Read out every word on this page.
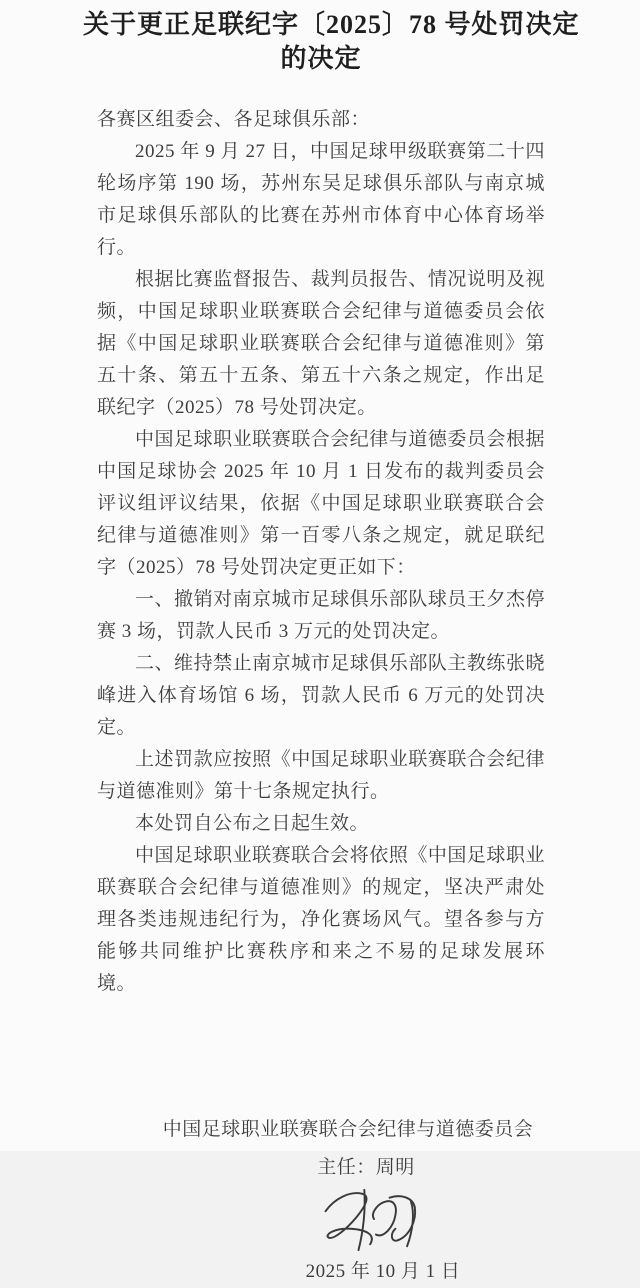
关于更正足联纪字〔2025〕78 号处罚决定
的决定

各赛区组委会、各足球俱乐部：

2025 年 9 月 27 日，中国足球甲级联赛第二十四轮场序第 190 场，苏州东吴足球俱乐部队与南京城市足球俱乐部队的比赛在苏州市体育中心体育场举行。

根据比赛监督报告、裁判员报告、情况说明及视频，中国足球职业联赛联合会纪律与道德委员会依据《中国足球职业联赛联合会纪律与道德准则》第五十条、第五十五条、第五十六条之规定，作出足联纪字（2025）78 号处罚决定。

中国足球职业联赛联合会纪律与道德委员会根据中国足球协会 2025 年 10 月 1 日发布的裁判委员会评议组评议结果，依据《中国足球职业联赛联合会纪律与道德准则》第一百零八条之规定，就足联纪字（2025）78 号处罚决定更正如下：

一、撤销对南京城市足球俱乐部队球员王夕杰停赛 3 场，罚款人民币 3 万元的处罚决定。

二、维持禁止南京城市足球俱乐部队主教练张晓峰进入体育场馆 6 场，罚款人民币 6 万元的处罚决定。

上述罚款应按照《中国足球职业联赛联合会纪律与道德准则》第十七条规定执行。

本处罚自公布之日起生效。

中国足球职业联赛联合会将依照《中国足球职业联赛联合会纪律与道德准则》的规定，坚决严肃处理各类违规违纪行为，净化赛场风气。望各参与方能够共同维护比赛秩序和来之不易的足球发展环境。

中国足球职业联赛联合会纪律与道德委员会
主任：周明
2025 年 10 月 1 日
